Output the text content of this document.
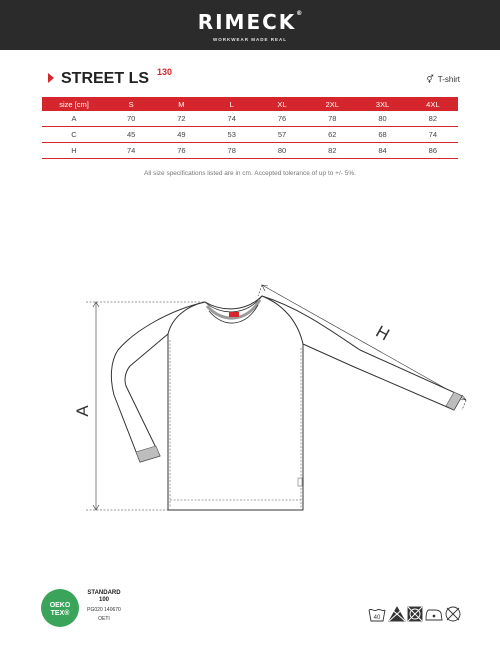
RIMECK®
WORKWEAR MADE REAL
STREET LS 130
⚥ T-shirt
size [cm]	S	M	L	XL	2XL	3XL	4XL
A	70	72	74	76	78	80	82
C	45	49	53	57	62	68	74
H	74	76	78	80	82	84	86
All size specifications listed are in cm. Accepted tolerance of up to +/- 5%.
A
H
OEKO
TEX®
STANDARD
100
PG020 140670
OETI	40
